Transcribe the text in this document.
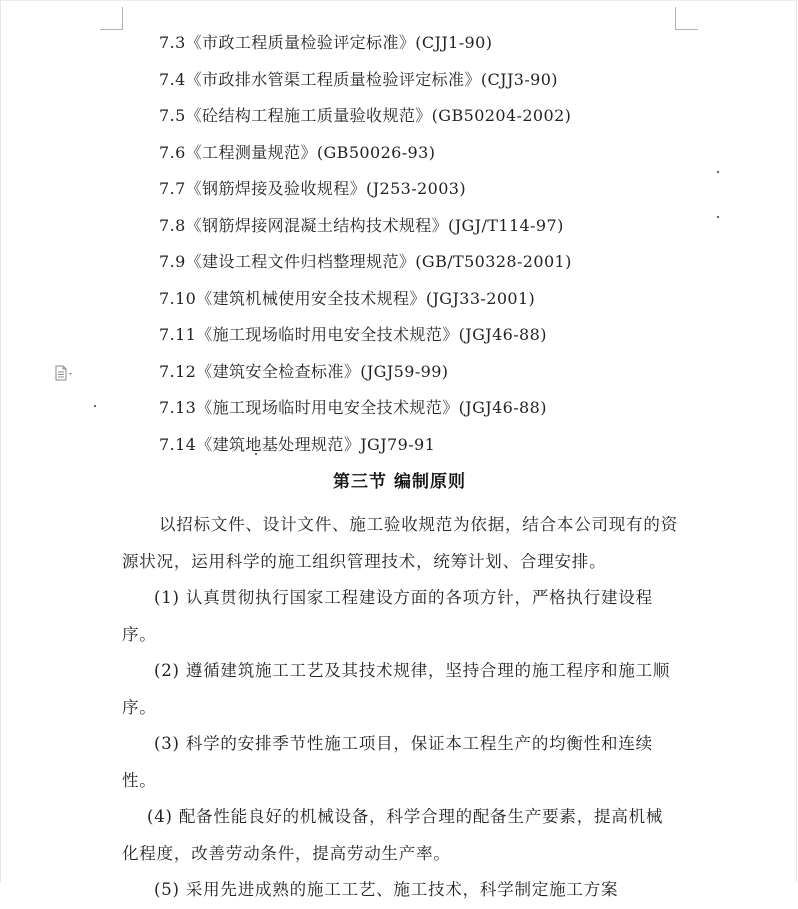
7.3《市政工程质量检验评定标准》(CJJ1-90)
7.4《市政排水管渠工程质量检验评定标准》(CJJ3-90)
7.5《砼结构工程施工质量验收规范》(GB50204-2002)
7.6《工程测量规范》(GB50026-93)
7.7《钢筋焊接及验收规程》(J253-2003)
7.8《钢筋焊接网混凝土结构技术规程》(JGJ/T114-97)
7.9《建设工程文件归档整理规范》(GB/T50328-2001)
7.10《建筑机械使用安全技术规程》(JGJ33-2001)
7.11《施工现场临时用电安全技术规范》(JGJ46-88)
7.12《建筑安全检查标准》(JGJ59-99)
7.13《施工现场临时用电安全技术规范》(JGJ46-88)
7.14《建筑地基处理规范》JGJ79-91
第三节 编制原则

以招标文件、设计文件、施工验收规范为依据，结合本公司现有的资源状况，运用科学的施工组织管理技术，统筹计划、合理安排。

(1) 认真贯彻执行国家工程建设方面的各项方针，严格执行建设程序。

(2) 遵循建筑施工工艺及其技术规律，坚持合理的施工程序和施工顺序。

(3) 科学的安排季节性施工项目，保证本工程生产的均衡性和连续性。

(4) 配备性能良好的机械设备，科学合理的配备生产要素，提高机械化程度，改善劳动条件，提高劳动生产率。

(5) 采用先进成熟的施工工艺、施工技术，科学制定施工方案
